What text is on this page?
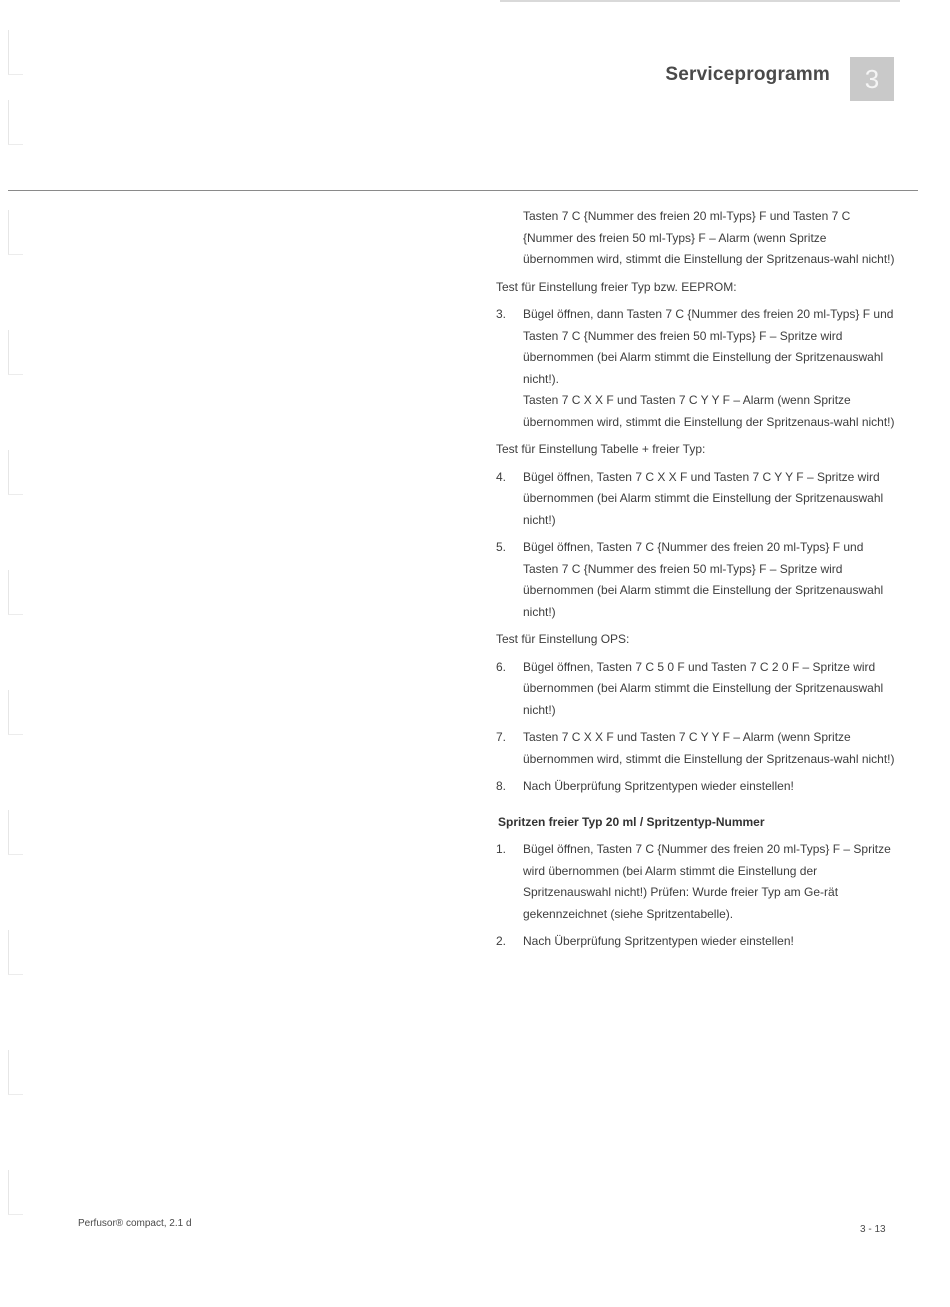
Serviceprogramm	3

Tasten 7 C {Nummer des freien 20 ml-Typs} F und Tasten 7 C {Nummer des freien 50 ml-Typs} F – Alarm (wenn Spritze übernommen wird, stimmt die Einstellung der Spritzenaus-wahl nicht!)

Test für Einstellung freier Typ bzw. EEPROM:

3.	Bügel öffnen, dann Tasten 7 C {Nummer des freien 20 ml-Typs} F und Tasten 7 C {Nummer des freien 50 ml-Typs} F – Spritze wird übernommen (bei Alarm stimmt die Einstellung der Spritzenauswahl nicht!).

Tasten 7 C X X F und Tasten 7 C Y Y F – Alarm (wenn Spritze übernommen wird, stimmt die Einstellung der Spritzenaus-wahl nicht!)

Test für Einstellung Tabelle + freier Typ:

4.	Bügel öffnen, Tasten 7 C X X F und Tasten 7 C Y Y F – Spritze wird übernommen (bei Alarm stimmt die Einstellung der Spritzenauswahl nicht!)

5.	Bügel öffnen, Tasten 7 C {Nummer des freien 20 ml-Typs} F und Tasten 7 C {Nummer des freien 50 ml-Typs} F – Spritze wird übernommen (bei Alarm stimmt die Einstellung der Spritzenauswahl nicht!)

Test für Einstellung OPS:

6.	Bügel öffnen, Tasten 7 C 5 0 F und Tasten 7 C 2 0 F – Spritze wird übernommen (bei Alarm stimmt die Einstellung der Spritzenauswahl nicht!)

7.	Tasten 7 C X X F und Tasten 7 C Y Y F – Alarm (wenn Spritze übernommen wird, stimmt die Einstellung der Spritzenaus-wahl nicht!)

8.	Nach Überprüfung Spritzentypen wieder einstellen!

Spritzen freier Typ 20 ml / Spritzentyp-Nummer

1.	Bügel öffnen, Tasten 7 C {Nummer des freien 20 ml-Typs} F – Spritze wird übernommen (bei Alarm stimmt die Einstellung der Spritzenauswahl nicht!) Prüfen: Wurde freier Typ am Ge-rät gekennzeichnet (siehe Spritzentabelle).

2.	Nach Überprüfung Spritzentypen wieder einstellen!

Perfusor® compact, 2.1 d
3 - 13
